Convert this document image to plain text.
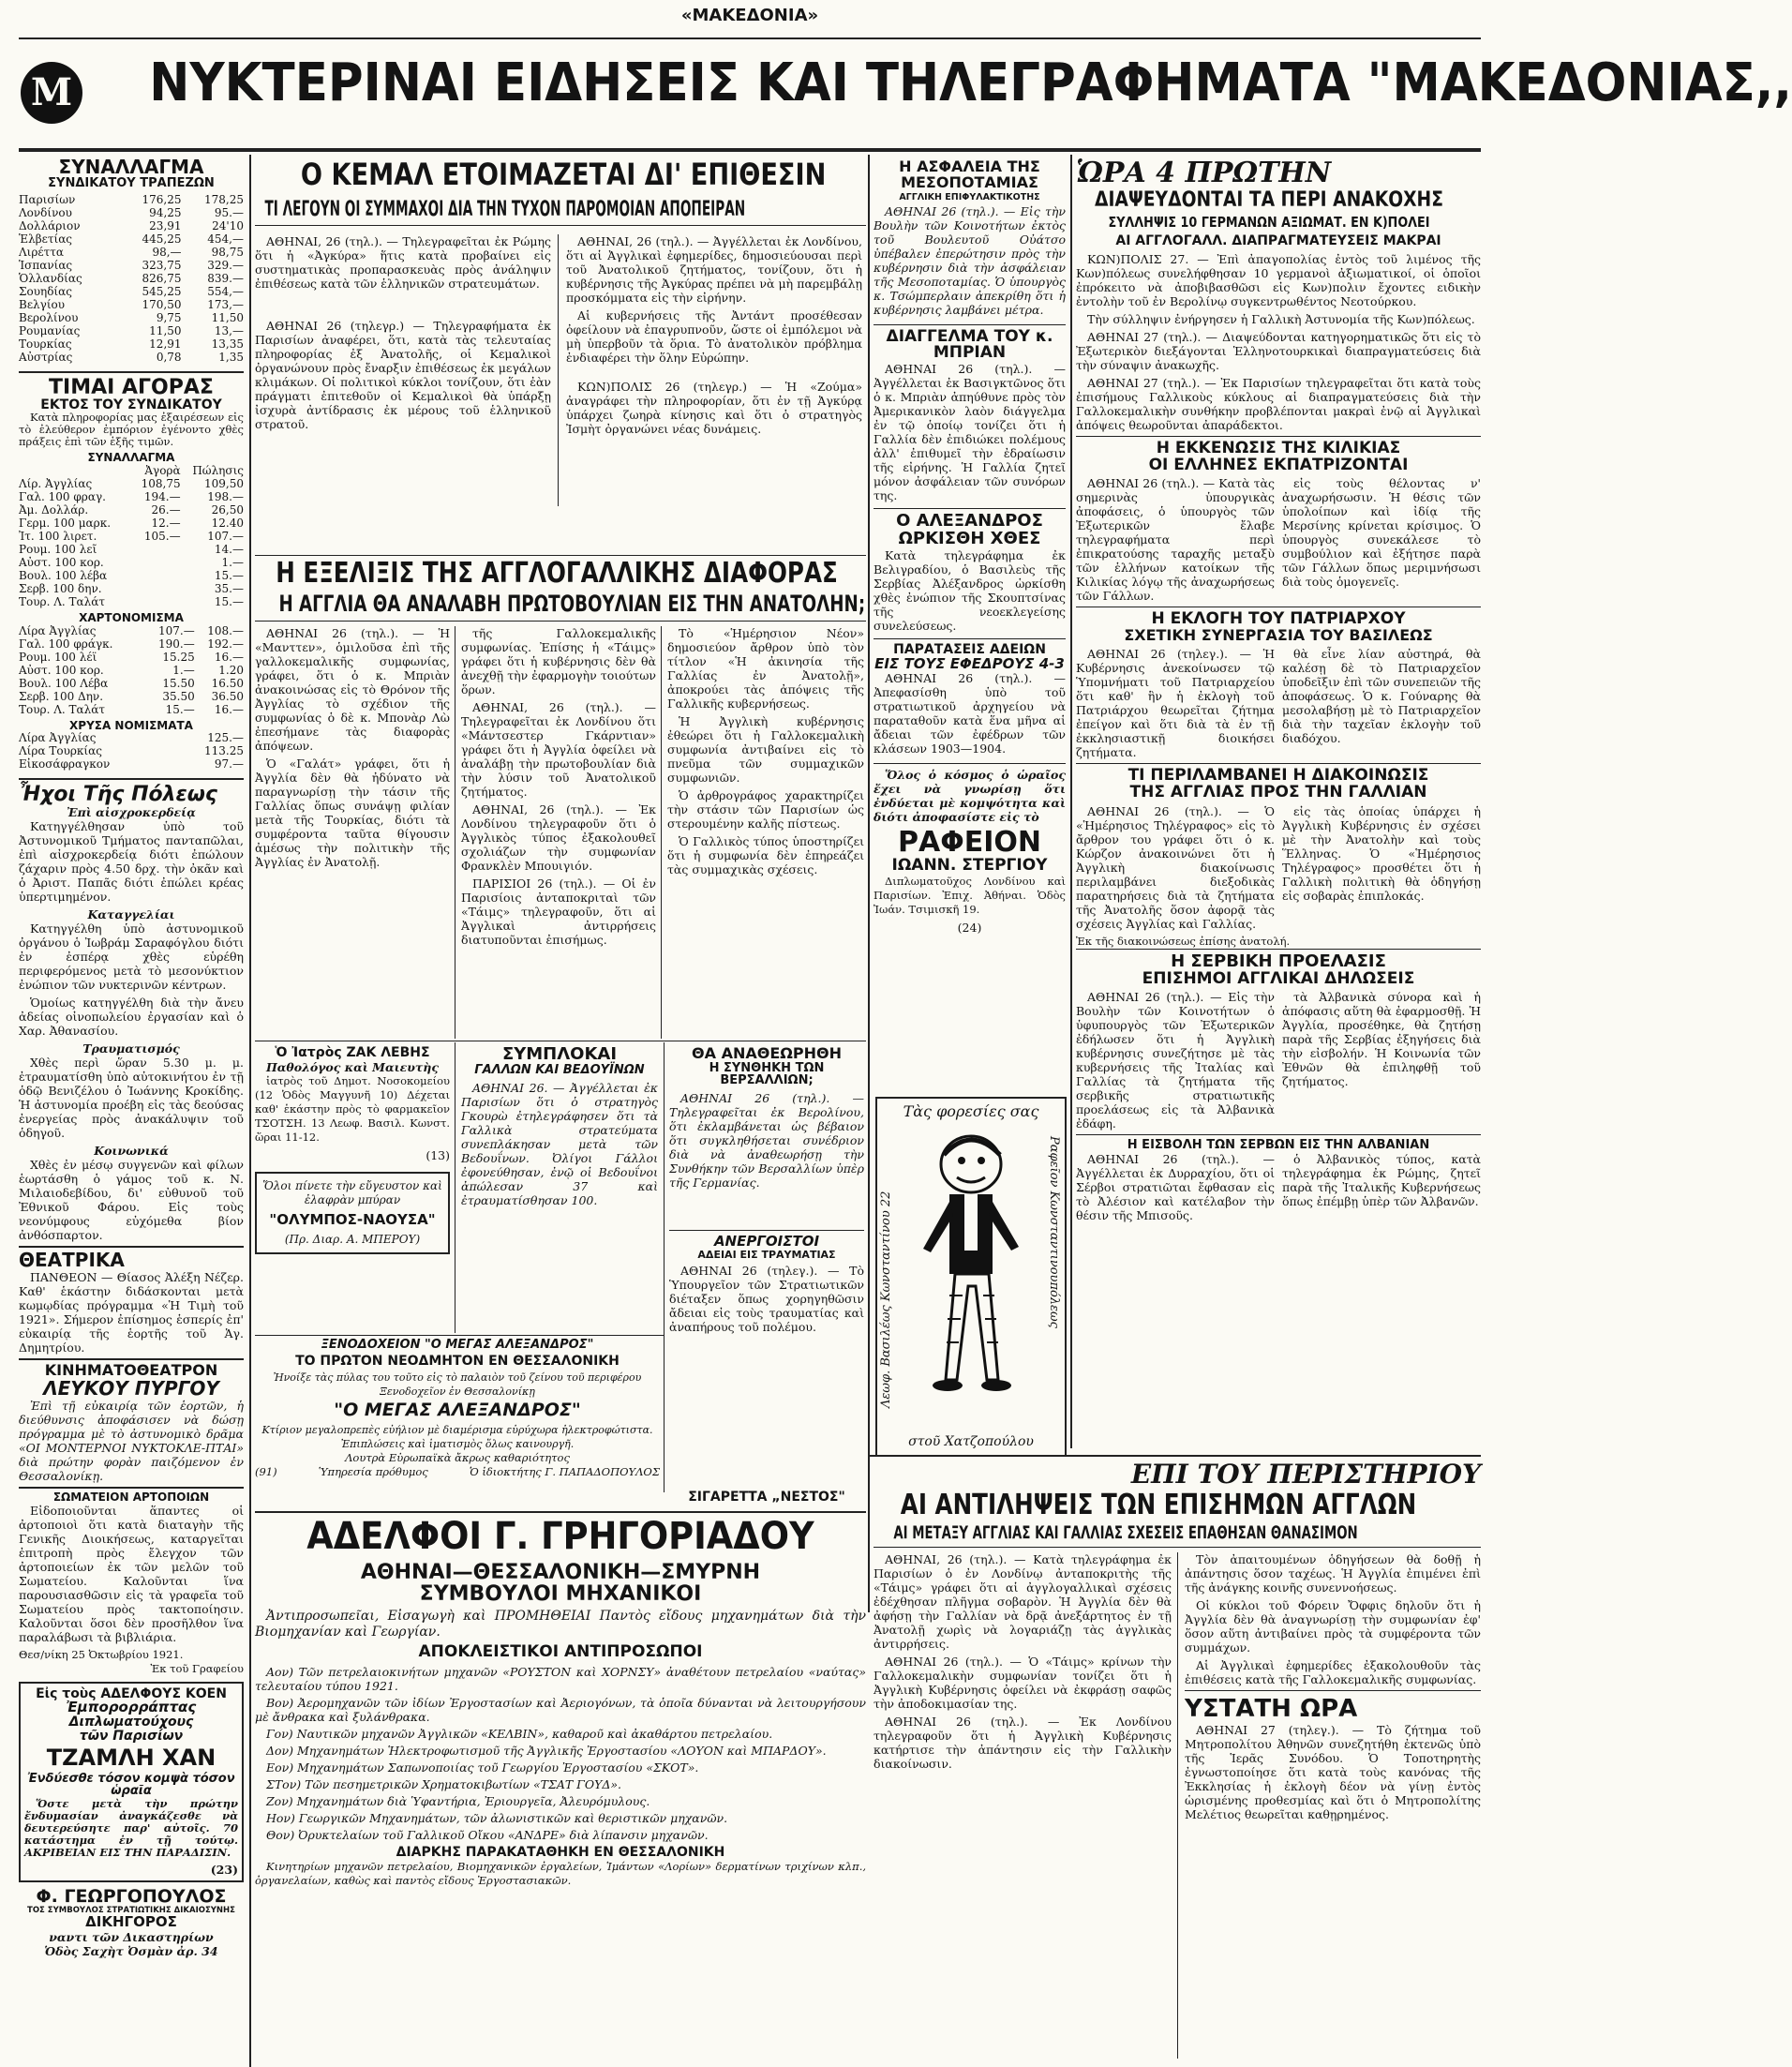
«ΜΑΚΕΔΟΝΙΑ»
Μ ΝΥΚΤΕΡΙΝΑΙ ΕΙΔΗΣΕΙΣ ΚΑΙ ΤΗΛΕΓΡΑΦΗΜΑΤΑ "ΜΑΚΕΔΟΝΙΑΣ,,
ΣΥΝΑΛΛΑΓΜΑ
ΣΥΝΔΙΚΑΤΟΥ ΤΡΑΠΕΖΩΝ
Παρισίων	176,25	178,25
Λονδίνου	94,25	95.—
Δολλάριον	23,91	24'10
Ἑλβετίας	445,25	454,—
Λιρέττα	98,—	98,75
Ἱσπανίας	323,75	329.—
Ὁλλανδίας	826,75	839.—
Σουηδίας	545,25	554,—
Βελγίου	170,50	173,—
Βερολίνου	9,75	11,50
Ρουμανίας	11,50	13,—
Τουρκίας	12,91	13,35
Αὐστρίας	0,78	1,35
ΤΙΜΑΙ ΑΓΟΡΑΣ
ΕΚΤΟΣ ΤΟΥ ΣΥΝΔΙΚΑΤΟΥ

Κατὰ πληροφορίας μας ἐξαιρέσεων εἰς τὸ ἐλεύθερον ἐμπόριον ἐγένοντο χθὲς πράξεις ἐπὶ τῶν ἑξῆς τιμῶν.

ΣΥΝΑΛΛΑΓΜΑ
	Ἀγορὰ	Πώλησις
Λίρ. Ἀγγλίας	108,75	109,50
Γαλ. 100 φραγ.	194.—	198.—
Ἀμ. Δολλάρ.	26.—	26,50
Γερμ. 100 μαρκ.	12.—	12.40
Ἰτ. 100 λιρετ.	105.—	107.—
Ρουμ. 100 λεῖ		14.—
Αὐστ. 100 κορ.		1.—
Βουλ. 100 λέβα		15.—
Σερβ. 100 δην.		35.—
Τουρ. Λ. Ταλάτ		15.—
ΧΑΡΤΟΝΟΜΙΣΜΑ
Λίρα Ἀγγλίας	107.—	108.—
Γαλ. 100 φράγκ.	190.—	192.—
Ρουμ. 100 λέϊ	15.25	16.—
Αὐστ. 100 κορ.	1.—	1.20
Βουλ. 100 Λέβα	15.50	16.50
Σερβ. 100 Δην.	35.50	36.50
Τουρ. Λ. Ταλάτ	15.—	16.—
ΧΡΥΣΑ ΝΟΜΙΣΜΑΤΑ
Λίρα Ἀγγλίας	125.—	
Λίρα Τουρκίας	113.25	
Εἰκοσάφραγκον	97.—	
Ἦχοι Τῆς Πόλεως
Ἐπὶ αἰσχροκερδείᾳ

Κατηγγέλθησαν ὑπὸ τοῦ Ἀστυνομικοῦ Τμήματος πανταπῶλαι, ἐπὶ αἰσχροκερδείᾳ διότι ἐπώλουν ζάχαριν πρὸς 4.50 δρχ. τὴν ὀκᾶν καὶ ὁ Ἀριστ. Παπᾶς διότι ἐπώλει κρέας ὑπερτιμημένον.

Καταγγελίαι

Κατηγγέλθη ὑπὸ ἀστυνομικοῦ ὀργάνου ὁ Ἰωβράμ Σαραφόγλου διότι ἐν ἐσπέρᾳ χθὲς εὑρέθη περιφερόμενος μετὰ τὸ μεσονύκτιον ἐνώπιον τῶν νυκτερινῶν κέντρων.

Ὁμοίως κατηγγέλθη διὰ τὴν ἄνευ ἀδείας οἰνοπωλείου ἐργασίαν καὶ ὁ Χαρ. Ἀθανασίου.

Τραυματισμός

Χθὲς περὶ ὥραν 5.30 μ. μ. ἐτραυματίσθη ὑπὸ αὐτοκινήτου ἐν τῇ ὁδῷ Βενιζέλου ὁ Ἰωάννης Κροκίδης. Ἡ ἀστυνομία προέβη εἰς τὰς δεούσας ἐνεργείας πρὸς ἀνακάλυψιν τοῦ ὁδηγοῦ.

Κοινωνικά

Χθὲς ἐν μέσῳ συγγενῶν καὶ φίλων ἑωρτάσθη ὁ γάμος τοῦ κ. Ν. Μιλαιοδεβίδου, δι' εὐθυνοῦ τοῦ Ἐθνικοῦ Φάρου. Εἰς τοὺς νεονύμφους εὐχόμεθα βίον ἀνθόσπαρτον.

ΘΕΑΤΡΙΚΑ

ΠΑΝΘΕΟΝ — Θίασος Ἀλέξη Νέζερ. Καθ' ἑκάστην διδάσκονται μετὰ κωμῳδίας πρόγραμμα «Ἡ Τιμὴ τοῦ 1921». Σήμερον ἐπίσημος ἑσπερίς ἐπ' εὐκαιρίᾳ τῆς ἑορτῆς τοῦ Ἁγ. Δημητρίου.

ΚΙΝΗΜΑΤΟΘΕΑΤΡΟΝ
ΛΕΥΚΟΥ ΠΥΡΓΟΥ

Ἐπὶ τῇ εὐκαιρίᾳ τῶν ἑορτῶν, ἡ διεύθυνσις ἀποφάσισεν νὰ δώσῃ πρόγραμμα μὲ τὸ ἀστυνομικὸ δρᾶμα «ΟΙ ΜΟΝΤΕΡΝΟΙ ΝΥΚΤΟΚΛΕ-ΠΤΑΙ» διὰ πρώτην φορὰν παιζόμενον ἐν Θεσσαλονίκῃ.

ΣΩΜΑΤΕΙΟΝ ΑΡΤΟΠΟΙΩΝ

Εἰδοποιοῦνται ἅπαντες οἱ ἀρτοποιοὶ ὅτι κατὰ διαταγὴν τῆς Γενικῆς Διοικήσεως, καταργεῖται ἐπιτροπὴ πρὸς ἔλεγχον τῶν ἀρτοποιείων ἐκ τῶν μελῶν τοῦ Σωματείου. Καλοῦνται ἵνα παρουσιασθῶσιν εἰς τὰ γραφεῖα τοῦ Σωματείου πρὸς τακτοποίησιν. Καλοῦνται ὅσοι δὲν προσῆλθον ἵνα παραλάβωσι τὰ βιβλιάρια.

Θεσ/νίκη 25 Ὀκτωβρίου 1921.
Ἐκ τοῦ Γραφείου
Εἰς τοὺς ΑΔΕΛΦΟΥΣ ΚΟΕΝ
Ἐμπορορράπτας
Διπλωματούχους
τῶν Παρισίων
ΤΖΑΜΛΗ ΧΑΝ
Ἐνδύεσθε τόσον κομψὰ τόσον ὡραῖα

Ὅστε μετὰ τὴν πρώτην ἔνδυμασίαν ἀναγκάζεσθε νὰ δευτερεύσητε παρ' αὐτοῖς. 70 κατάστημα ἐν τῇ τούτῳ. ΑΚΡΙΒΕΙΑΝ ΕΙΣ ΤΗΝ ΠΑΡΑΔΙΣΙΝ.

(23)
Φ. ΓΕΩΡΓΟΠΟΥΛΟΣ
ΤΟΣ ΣΥΜΒΟΥΛΟΣ ΣΤΡΑΤΙΩΤΙΚΗΣ ΔΙΚΑΙΟΣΥΝΗΣ
ΔΙΚΗΓΟΡΟΣ
ναντι τῶν Δικαστηρίων
Ὁδὸς Σαχὴτ Ὀσμὰν ἀρ. 34
Ο ΚΕΜΑΛ ΕΤΟΙΜΑΖΕΤΑΙ ΔΙ' ΕΠΙΘΕΣΙΝ
ΤΙ ΛΕΓΟΥΝ ΟΙ ΣΥΜΜΑΧΟΙ ΔΙΑ ΤΗΝ ΤΥΧΟΝ ΠΑΡΟΜΟΙΑΝ ΑΠΟΠΕΙΡΑΝ

ΑΘΗΝΑΙ, 26 (τηλ.). — Τηλεγραφεῖται ἐκ Ρώμης ὅτι ἡ «Ἀγκύρα» ἥτις κατὰ προβαίνει εἰς συστηματικὰς προπαρασκευὰς πρὸς ἀνάληψιν ἐπιθέσεως κατὰ τῶν ἑλληνικῶν στρατευμάτων.

ΑΘΗΝΑΙ 26 (τηλεγρ.) — Τηλεγραφήματα ἐκ Παρισίων ἀναφέρει, ὅτι, κατὰ τὰς τελευταίας πληροφορίας ἐξ Ἀνατολῆς, οἱ Κεμαλικοὶ ὀργανώνουν πρὸς ἔναρξιν ἐπιθέσεως ἐκ μεγάλων κλιμάκων. Οἱ πολιτικοὶ κύκλοι τονίζουν, ὅτι ἐὰν πράγματι ἐπιτεθοῦν οἱ Κεμαλικοὶ θὰ ὑπάρξῃ ἰσχυρὰ ἀντίδρασις ἐκ μέρους τοῦ ἑλληνικοῦ στρατοῦ.

ΑΘΗΝΑΙ, 26 (τηλ.). — Ἀγγέλλεται ἐκ Λονδίνου, ὅτι αἱ Ἀγγλικαὶ ἐφημερίδες, δημοσιεύουσαι περὶ τοῦ Ἀνατολικοῦ ζητήματος, τονίζουν, ὅτι ἡ κυβέρνησις τῆς Ἀγκύρας πρέπει νὰ μὴ παρεμβάλῃ προσκόμματα εἰς τὴν εἰρήνην.

Αἱ κυβερνήσεις τῆς Ἀντάντ προσέθεσαν ὀφείλουν νὰ ἐπαγρυπνοῦν, ὥστε οἱ ἐμπόλεμοι νὰ μὴ ὑπερβοῦν τὰ ὅρια. Τὸ ἀνατολικὸν πρόβλημα ἐνδιαφέρει τὴν ὅλην Εὐρώπην.

ΚΩΝ)ΠΟΛΙΣ 26 (τηλεγρ.) — Ἡ «Ζούμα» ἀναγράφει τὴν πληροφορίαν, ὅτι ἐν τῇ Ἀγκύρᾳ ὑπάρχει ζωηρὰ κίνησις καὶ ὅτι ὁ στρατηγὸς Ἰσμὴτ ὀργανώνει νέας δυνάμεις.

Η ΑΣΦΑΛΕΙΑ ΤΗΣ ΜΕΣΟΠΟΤΑΜΙΑΣ
ΑΓΓΛΙΚΗ ΕΠΙΦΥΛΑΚΤΙΚΟΤΗΣ

ΑΘΗΝΑΙ 26 (τηλ.). — Εἰς τὴν Βουλὴν τῶν Κοινοτήτων ἐκτὸς τοῦ Βουλευτοῦ Οὐάτσο ὑπέβαλεν ἐπερώτησιν πρὸς τὴν κυβέρνησιν διὰ τὴν ἀσφάλειαν τῆς Μεσοποταμίας. Ὁ ὑπουργὸς κ. Τσώμπερλαιν ἀπεκρίθη ὅτι ἡ κυβέρνησις λαμβάνει μέτρα.

ΔΙΑΓΓΕΛΜΑ ΤΟΥ κ. ΜΠΡΙΑΝ

ΑΘΗΝΑΙ 26 (τηλ.). — Ἀγγέλλεται ἐκ Βασιγκτῶνος ὅτι ὁ κ. Μπριὰν ἀπηύθυνε πρὸς τὸν Ἀμερικανικὸν λαὸν διάγγελμα ἐν τῷ ὁποίῳ τονίζει ὅτι ἡ Γαλλία δὲν ἐπιδιώκει πολέμους ἀλλ' ἐπιθυμεῖ τὴν ἐδραίωσιν τῆς εἰρήνης. Ἡ Γαλλία ζητεῖ μόνον ἀσφάλειαν τῶν συνόρων της.

Ο ΑΛΕΞΑΝΔΡΟΣ ΩΡΚΙΣΘΗ ΧΘΕΣ

Κατὰ τηλεγράφημα ἐκ Βελιγραδίου, ὁ Βασιλεὺς τῆς Σερβίας Ἀλέξανδρος ὡρκίσθη χθὲς ἐνώπιον τῆς Σκουπτσίνας τῆς νεοεκλεγείσης συνελεύσεως.

ΠΑΡΑΤΑΣΕΙΣ ΑΔΕΙΩΝ
ΕΙΣ ΤΟΥΣ ΕΦΕΔΡΟΥΣ 4-3

ΑΘΗΝΑΙ 26 (τηλ.). — Ἀπεφασίσθη ὑπὸ τοῦ στρατιωτικοῦ ἀρχηγείου νὰ παραταθοῦν κατὰ ἕνα μῆνα αἱ ἄδειαι τῶν ἐφέδρων τῶν κλάσεων 1903—1904.

Ὅλος ὁ κόσμος ὁ ὡραῖος ἔχει νὰ γνωρίσῃ ὅτι ἐνδύεται μὲ κομψότητα καὶ διότι ἀποφασίστε εἰς τὸ

ΡΑΦΕΙΟΝ
ΙΩΑΝΝ. ΣΤΕΡΓΙΟΥ

Διπλωματοῦχος Λονδίνου καὶ Παρισίων. Ἐπιχ. Ἀθήναι. Ὁδὸς Ἰωάν. Τσιμισκῆ 19.

(24)
Τὰς φορεσίες σας
Λεωφ. Βασιλέως Κωνσταντίνου 22	Ραφεῖον Κωνσταντινουπόλεως
στοῦ Χατζοπούλου
Η ΕΞΕΛΙΞΙΣ ΤΗΣ ΑΓΓΛΟΓΑΛΛΙΚΗΣ ΔΙΑΦΟΡΑΣ
Η ΑΓΓΛΙΑ ΘΑ ΑΝΑΛΑΒΗ ΠΡΩΤΟΒΟΥΛΙΑΝ ΕΙΣ ΤΗΝ ΑΝΑΤΟΛΗΝ;

ΑΘΗΝΑΙ 26 (τηλ.). — Ἡ «Μανττεν», ὁμιλοῦσα ἐπὶ τῆς γαλλοκεμαλικῆς συμφωνίας, γράφει, ὅτι ὁ κ. Μπριὰν ἀνακοινώσας εἰς τὸ Θρόνον τῆς Ἀγγλίας τὸ σχέδιον τῆς συμφωνίας ὁ δὲ κ. Μπονὰρ Λὼ ἐπεσήμανε τὰς διαφορὰς ἀπόψεων.

Ὁ «Γαλάτ» γράφει, ὅτι ἡ Ἀγγλία δὲν θὰ ἠδύνατο νὰ παραγνωρίσῃ τὴν τάσιν τῆς Γαλλίας ὅπως συνάψῃ φιλίαν μετὰ τῆς Τουρκίας, διότι τὰ συμφέροντα ταῦτα θίγουσιν ἀμέσως τὴν πολιτικὴν τῆς Ἀγγλίας ἐν Ἀνατολῇ.

τῆς Γαλλοκεμαλικῆς συμφωνίας. Ἐπίσης ἡ «Τάιμς» γράφει ὅτι ἡ κυβέρνησις δὲν θὰ ἀνεχθῇ τὴν ἐφαρμογὴν τοιούτων ὅρων.

ΑΘΗΝΑΙ, 26 (τηλ.). — Τηλεγραφεῖται ἐκ Λονδίνου ὅτι «Μάντσεστερ Γκάρντιαν» γράφει ὅτι ἡ Ἀγγλία ὀφείλει νὰ ἀναλάβῃ τὴν πρωτοβουλίαν διὰ τὴν λύσιν τοῦ Ἀνατολικοῦ ζητήματος.

ΑΘΗΝΑΙ, 26 (τηλ.). — Ἐκ Λονδίνου τηλεγραφοῦν ὅτι ὁ Ἀγγλικὸς τύπος ἐξακολουθεῖ σχολιάζων τὴν συμφωνίαν Φρανκλὲν Μπουιγιόν.

ΠΑΡΙΣΙΟΙ 26 (τηλ.). — Οἱ ἐν Παρισίοις ἀνταποκριταὶ τῶν «Τάιμς» τηλεγραφοῦν, ὅτι αἱ Ἀγγλικαὶ ἀντιρρήσεις διατυποῦνται ἐπισήμως.

Τὸ «Ἡμέρησιον Νέον» δημοσιεύον ἄρθρον ὑπὸ τὸν τίτλον «Ἡ ἀκινησία τῆς Γαλλίας ἐν Ἀνατολῇ», ἀποκρούει τὰς ἀπόψεις τῆς Γαλλικῆς κυβερνήσεως.

Ἡ Ἀγγλικὴ κυβέρνησις ἐθεώρει ὅτι ἡ Γαλλοκεμαλικὴ συμφωνία ἀντιβαίνει εἰς τὸ πνεῦμα τῶν συμμαχικῶν συμφωνιῶν.

Ὁ ἀρθρογράφος χαρακτηρίζει τὴν στάσιν τῶν Παρισίων ὡς στερουμένην καλῆς πίστεως.

Ὁ Γαλλικὸς τύπος ὑποστηρίζει ὅτι ἡ συμφωνία δὲν ἐπηρεάζει τὰς συμμαχικὰς σχέσεις.

Ὁ Ἰατρὸς ΖΑΚ ΛΕΒΗΣ
Παθολόγος καὶ Μαιευτὴς

ἰατρὸς τοῦ Δημοτ. Νοσοκομείου (12 Ὁδὸς Μαγγυνῆ 10) Δέχεται καθ' ἑκάστην πρὸς τὸ φαρμακεῖον ΤΣΟΤΣΗ. 13 Λεωφ. Βασιλ. Κωνστ. ὥραι 11-12.

(13)
Ὅλοι πίνετε τὴν εὔγευστον καὶ ἐλαφρὰν μπύραν
"ΟΛΥΜΠΟΣ-ΝΑΟΥΣΑ"
(Πρ. Διαρ. Α. ΜΠΕΡΟΥ)
ΣΥΜΠΛΟΚΑΙ
ΓΑΛΛΩΝ ΚΑΙ ΒΕΔΟΥΪΝΩΝ

ΑΘΗΝΑΙ 26. — Ἀγγέλλεται ἐκ Παρισίων ὅτι ὁ στρατηγὸς Γκουρὼ ἐτηλεγράφησεν ὅτι τὰ Γαλλικὰ στρατεύματα συνεπλάκησαν μετὰ τῶν Βεδουΐνων. Ὀλίγοι Γάλλοι ἐφονεύθησαν, ἐνῷ οἱ Βεδουΐνοι ἀπώλεσαν 37 καὶ ἐτραυματίσθησαν 100.

ΘΑ ΑΝΑΘΕΩΡΗΘΗ
Η ΣΥΝΘΗΚΗ ΤΩΝ ΒΕΡΣΑΛΛΙΩΝ;

ΑΘΗΝΑΙ 26 (τηλ.). — Τηλεγραφεῖται ἐκ Βερολίνου, ὅτι ἐκλαμβάνεται ὡς βέβαιον ὅτι συγκληθήσεται συνέδριον διὰ νὰ ἀναθεωρήσῃ τὴν Συνθήκην τῶν Βερσαλλίων ὑπὲρ τῆς Γερμανίας.

ΑΝΕΡΓΟΙΣΤΟΙ
ΑΔΕΙΑΙ ΕΙΣ ΤΡΑΥΜΑΤΙΑΣ

ΑΘΗΝΑΙ 26 (τηλεγ.). — Τὸ Ὑπουργεῖον τῶν Στρατιωτικῶν διέταξεν ὅπως χορηγηθῶσιν ἄδειαι εἰς τοὺς τραυματίας καὶ ἀναπήρους τοῦ πολέμου.

ΞΕΝΟΔΟΧΕΙΟΝ "Ο ΜΕΓΑΣ ΑΛΕΞΑΝΔΡΟΣ"
ΤΟ ΠΡΩΤΟΝ ΝΕΟΔΜΗΤΟΝ ΕΝ ΘΕΣΣΑΛΟΝΙΚΗ
Ἠνοίξε τὰς πύλας του τοῦτο εἰς τὸ παλαιὸν τοῦ ζείνου τοῦ περιφέρου Ξενοδοχεῖον ἐν Θεσσαλονίκῃ
"Ο ΜΕΓΑΣ ΑΛΕΞΑΝΔΡΟΣ"
Κτίριον μεγαλοπρεπὲς εὐήλιον μὲ διαμέρισμα εὐρύχωρα ἠλεκτροφώτιστα. Ἐπιπλώσεις καὶ ἱματισμὸς ὅλως καινουργῆ.
Λουτρὰ Εὐρωπαϊκὰ ἄκρως καθαριότητος
(91)	Ὑπηρεσία πρόθυμος	Ὁ ἰδιοκτήτης Γ. ΠΑΠΑΔΟΠΟΥΛΟΣ
ΣΙΓΑΡΕΤΤΑ „ΝΕΣΤΟΣ"
ΑΔΕΛΦΟΙ Γ. ΓΡΗΓΟΡΙΑΔΟΥ
ΑΘΗΝΑΙ—ΘΕΣΣΑΛΟΝΙΚΗ—ΣΜΥΡΝΗ
ΣΥΜΒΟΥΛΟΙ ΜΗΧΑΝΙΚΟΙ

Ἀντιπροσωπεῖαι, Εἰσαγωγὴ καὶ ΠΡΟΜΗΘΕΙΑΙ Παντὸς εἴδους μηχανημάτων διὰ τὴν Βιομηχανίαν καὶ Γεωργίαν.

ΑΠΟΚΛΕΙΣΤΙΚΟΙ ΑΝΤΙΠΡΟΣΩΠΟΙ

Αον) Τῶν πετρελαιοκινήτων μηχανῶν «ΡΟΥΣΤΟΝ καὶ ΧΟΡΝΣΥ» ἀναθέτουν πετρελαίου «ναύτας» τελευταίου τύπου 1921.

Βον) Ἀερομηχανῶν τῶν ἰδίων Ἐργοστασίων καὶ Ἀεριογόνων, τὰ ὁποῖα δύνανται νὰ λειτουργήσουν μὲ ἄνθρακα καὶ ξυλάνθρακα.

Γον) Ναυτικῶν μηχανῶν Ἀγγλικῶν «ΚΕΛΒΙΝ», καθαροῦ καὶ ἀκαθάρτου πετρελαίου.

Δον) Μηχανημάτων Ἡλεκτροφωτισμοῦ τῆς Ἀγγλικῆς Ἐργοστασίου «ΛΟΥΟΝ καὶ ΜΠΑΡΔΟΥ».

Εον) Μηχανημάτων Σαπωνοποιίας τοῦ Γεωργίου Ἐργοστασίου «ΣΚΟΤ».

ΣΤον) Τῶν πεσημετρικῶν Χρηματοκιβωτίων «ΤΣΑΤ ΓΟΥΔ».

Ζον) Μηχανημάτων διὰ Ὑφαντήρια, Ἐριουργεῖα, Ἀλευρόμυλους.

Ηον) Γεωργικῶν Μηχανημάτων, τῶν ἀλωνιστικῶν καὶ θεριστικῶν μηχανῶν.

Θον) Ὀρυκτελαίων τοῦ Γαλλικοῦ Οἴκου «ΑΝΔΡΕ» διὰ λίπανσιν μηχανῶν.

ΔΙΑΡΚΗΣ ΠΑΡΑΚΑΤΑΘΗΚΗ ΕΝ ΘΕΣΣΑΛΟΝΙΚΗ

Κινητηρίων μηχανῶν πετρελαίου, Βιομηχανικῶν ἐργαλείων, Ἱμάντων «Λορίων» δερματίνων τριχίνων κλπ., ὀργανελαίων, καθὼς καὶ παντὸς εἴδους Ἐργοστασιακῶν.

ὩΡΑ 4 ΠΡΩΤΗΝ
ΔΙΑΨΕΥΔΟΝΤΑΙ ΤΑ ΠΕΡΙ ΑΝΑΚΟΧΗΣ
ΣΥΛΛΗΨΙΣ 10 ΓΕΡΜΑΝΩΝ ΑΞΙΩΜΑΤ. ΕΝ Κ)ΠΟΛΕΙ
ΑΙ ΑΓΓΛΟΓΑΛΛ. ΔΙΑΠΡΑΓΜΑΤΕΥΣΕΙΣ ΜΑΚΡΑΙ

ΚΩΝ)ΠΟΛΙΣ 27. — Ἐπὶ ἀπαγοπολίας ἐντὸς τοῦ λιμένος τῆς Κων)πόλεως συνελήφθησαν 10 γερμανοὶ ἀξιωματικοί, οἱ ὁποῖοι ἐπρόκειτο νὰ ἀποβιβασθῶσι εἰς Κων)πολιν ἔχοντες ειδικὴν ἐντολὴν τοῦ ἐν Βερολίνῳ συγκεντρωθέντος Νεοτούρκου.

Τὴν σύλληψιν ἐνήργησεν ἡ Γαλλικὴ Ἀστυνομία τῆς Κων)πόλεως.

ΑΘΗΝΑΙ 27 (τηλ.). — Διαψεύδονται κατηγορηματικῶς ὅτι εἰς τὸ Ἐξωτερικὸν διεξάγονται Ἑλληνοτουρκικαὶ διαπραγματεύσεις διὰ τὴν σύναψιν ἀνακωχῆς.

ΑΘΗΝΑΙ 27 (τηλ.). — Ἐκ Παρισίων τηλεγραφεῖται ὅτι κατὰ τοὺς ἐπισήμους Γαλλικοὺς κύκλους αἱ διαπραγματεύσεις διὰ τὴν Γαλλοκεμαλικὴν συνθήκην προβλέπονται μακραὶ ἐνῷ αἱ Ἀγγλικαὶ ἀπόψεις θεωροῦνται ἀπαράδεκτοι.

Η ΕΚΚΕΝΩΣΙΣ ΤΗΣ ΚΙΛΙΚΙΑΣ
ΟΙ ΕΛΛΗΝΕΣ ΕΚΠΑΤΡΙΖΟΝΤΑΙ

ΑΘΗΝΑΙ 26 (τηλ.). — Κατὰ τὰς σημερινὰς ὑπουργικὰς ἀποφάσεις, ὁ ὑπουργὸς τῶν Ἐξωτερικῶν ἔλαβε τηλεγραφήματα περὶ ἐπικρατούσης ταραχῆς μεταξὺ τῶν ἑλλήνων κατοίκων τῆς Κιλικίας λόγῳ τῆς ἀναχωρήσεως τῶν Γάλλων.

εἰς τοὺς θέλοντας ν' ἀναχωρήσωσιν. Ἡ θέσις τῶν ὑπολοίπων καὶ ἰδίᾳ τῆς Μερσίνης κρίνεται κρίσιμος. Ὁ ὑπουργὸς συνεκάλεσε τὸ συμβούλιον καὶ ἐξήτησε παρὰ τῶν Γάλλων ὅπως μεριμνήσωσι διὰ τοὺς ὁμογενεῖς.

Η ΕΚΛΟΓΗ ΤΟΥ ΠΑΤΡΙΑΡΧΟΥ
ΣΧΕΤΙΚΗ ΣΥΝΕΡΓΑΣΙΑ ΤΟΥ ΒΑΣΙΛΕΩΣ

ΑΘΗΝΑΙ 26 (τηλεγ.). — Ἡ Κυβέρνησις ἀνεκοίνωσεν τῷ Ὑπομνήματι τοῦ Πατριαρχείου ὅτι καθ' ἣν ἡ ἐκλογὴ τοῦ Πατριάρχου θεωρεῖται ζήτημα ἐπείγον καὶ ὅτι διὰ τὰ ἐν τῇ ἐκκλησιαστικῇ διοικήσει ζητήματα.

θὰ εἶνε λίαν αὐστηρά, θὰ καλέσῃ δὲ τὸ Πατριαρχεῖον ὑποδεῖξιν ἐπὶ τῶν συνεπειῶν τῆς ἀποφάσεως. Ὁ κ. Γούναρης θὰ μεσολαβήσῃ μὲ τὸ Πατριαρχεῖον διὰ τὴν ταχεῖαν ἐκλογὴν τοῦ διαδόχου.

ΤΙ ΠΕΡΙΛΑΜΒΑΝΕΙ Η ΔΙΑΚΟΙΝΩΣΙΣ
ΤΗΣ ΑΓΓΛΙΑΣ ΠΡΟΣ ΤΗΝ ΓΑΛΛΙΑΝ

ΑΘΗΝΑΙ 26 (τηλ.). — Ὁ «Ἡμέρησιος Τηλέγραφος» εἰς τὸ ἄρθρον του γράφει ὅτι ὁ κ. Κώρζον ἀνακοινώνει ὅτι ἡ Ἀγγλικὴ διακοίνωσις περιλαμβάνει διεξοδικὰς παρατηρήσεις διὰ τὰ ζητήματα τῆς Ἀνατολῆς ὅσον ἀφορᾷ τὰς σχέσεις Ἀγγλίας καὶ Γαλλίας.

εἰς τὰς ὁποίας ὑπάρχει ἡ Ἀγγλικὴ Κυβέρνησις ἐν σχέσει μὲ τὴν Ἀνατολὴν καὶ τοὺς Ἕλληνας. Ὁ «Ἡμέρησιος Τηλέγραφος» προσθέτει ὅτι ἡ Γαλλικὴ πολιτικὴ θὰ ὁδηγήσῃ εἰς σοβαρὰς ἐπιπλοκάς.

Ἐκ τῆς διακοινώσεως ἐπίσης ἀνατολή.
Η ΣΕΡΒΙΚΗ ΠΡΟΕΛΑΣΙΣ
ΕΠΙΣΗΜΟΙ ΑΓΓΛΙΚΑΙ ΔΗΛΩΣΕΙΣ

ΑΘΗΝΑΙ 26 (τηλ.). — Εἰς τὴν Βουλὴν τῶν Κοινοτήτων ὁ ὑφυπουργὸς τῶν Ἐξωτερικῶν ἐδήλωσεν ὅτι ἡ Ἀγγλικὴ κυβέρνησις συνεζήτησε μὲ τὰς κυβερνήσεις τῆς Ἰταλίας καὶ Γαλλίας τὰ ζητήματα τῆς σερβικῆς στρατιωτικῆς προελάσεως εἰς τὰ Ἀλβανικὰ ἐδάφη.

τὰ Ἀλβανικὰ σύνορα καὶ ἡ ἀπόφασις αὕτη θὰ ἐφαρμοσθῇ. Ἡ Ἀγγλία, προσέθηκε, θὰ ζητήσῃ παρὰ τῆς Σερβίας ἐξηγήσεις διὰ τὴν εἰσβολήν. Ἡ Κοινωνία τῶν Ἐθνῶν θὰ ἐπιληφθῇ τοῦ ζητήματος.

Η ΕΙΣΒΟΛΗ ΤΩΝ ΣΕΡΒΩΝ ΕΙΣ ΤΗΝ ΑΛΒΑΝΙΑΝ

ΑΘΗΝΑΙ 26 (τηλ.). — Ἀγγέλλεται ἐκ Δυρραχίου, ὅτι οἱ Σέρβοι στρατιῶται ἔφθασαν εἰς τὸ Ἀλέσιον καὶ κατέλαβον τὴν θέσιν τῆς Μπισοῦς.

ὁ Ἀλβανικὸς τύπος, κατὰ τηλεγράφημα ἐκ Ρώμης, ζητεῖ παρὰ τῆς Ἰταλικῆς Κυβερνήσεως ὅπως ἐπέμβῃ ὑπὲρ τῶν Ἀλβανῶν.

ΕΠΙ ΤΟΥ ΠΕΡΙΣΤΗΡΙΟΥ
ΑΙ ΑΝΤΙΛΗΨΕΙΣ ΤΩΝ ΕΠΙΣΗΜΩΝ ΑΓΓΛΩΝ
ΑΙ ΜΕΤΑΞΥ ΑΓΓΛΙΑΣ ΚΑΙ ΓΑΛΛΙΑΣ ΣΧΕΣΕΙΣ ΕΠΑΘΗΣΑΝ ΘΑΝΑΣΙΜΟΝ

ΑΘΗΝΑΙ, 26 (τηλ.). — Κατὰ τηλεγράφημα ἐκ Παρισίων ὁ ἐν Λονδίνῳ ἀνταποκριτὴς τῆς «Τάιμς» γράφει ὅτι αἱ ἀγγλογαλλικαὶ σχέσεις ἐδέχθησαν πλῆγμα σοβαρὸν. Ἡ Ἀγγλία δὲν θὰ ἀφήσῃ τὴν Γαλλίαν νὰ δρᾷ ἀνεξάρτητος ἐν τῇ Ἀνατολῇ χωρὶς νὰ λογαριάζῃ τὰς ἀγγλικὰς ἀντιρρήσεις.

ΑΘΗΝΑΙ 26 (τηλ.). — Ὁ «Τάιμς» κρίνων τὴν Γαλλοκεμαλικὴν συμφωνίαν τονίζει ὅτι ἡ Ἀγγλικὴ Κυβέρνησις ὀφείλει νὰ ἐκφράσῃ σαφῶς τὴν ἀποδοκιμασίαν της.

ΑΘΗΝΑΙ 26 (τηλ.). — Ἐκ Λονδίνου τηλεγραφοῦν ὅτι ἡ Ἀγγλικὴ Κυβέρνησις κατήρτισε τὴν ἀπάντησιν εἰς τὴν Γαλλικὴν διακοίνωσιν.

Τὸν ἀπαιτουμένων ὁδηγήσεων θὰ δοθῇ ἡ ἀπάντησις ὅσον ταχέως. Ἡ Ἀγγλία ἐπιμένει ἐπὶ τῆς ἀνάγκης κοινῆς συνεννοήσεως.

Οἱ κύκλοι τοῦ Φόρειν Ὄφφις δηλοῦν ὅτι ἡ Ἀγγλία δὲν θὰ ἀναγνωρίσῃ τὴν συμφωνίαν ἐφ' ὅσον αὕτη ἀντιβαίνει πρὸς τὰ συμφέροντα τῶν συμμάχων.

Αἱ Ἀγγλικαὶ ἐφημερίδες ἐξακολουθοῦν τὰς ἐπιθέσεις κατὰ τῆς Γαλλοκεμαλικῆς συμφωνίας.

ΥΣΤΑΤΗ ΩΡΑ

ΑΘΗΝΑΙ 27 (τηλεγ.). — Τὸ ζήτημα τοῦ Μητροπολίτου Ἀθηνῶν συνεζητήθη ἐκτενῶς ὑπὸ τῆς Ἱερᾶς Συνόδου. Ὁ Τοποτηρητὴς ἐγνωστοποίησε ὅτι κατὰ τοὺς κανόνας τῆς Ἐκκλησίας ἡ ἐκλογὴ δέον νὰ γίνῃ ἐντὸς ὡρισμένης προθεσμίας καὶ ὅτι ὁ Μητροπολίτης Μελέτιος θεωρεῖται καθῃρημένος.
